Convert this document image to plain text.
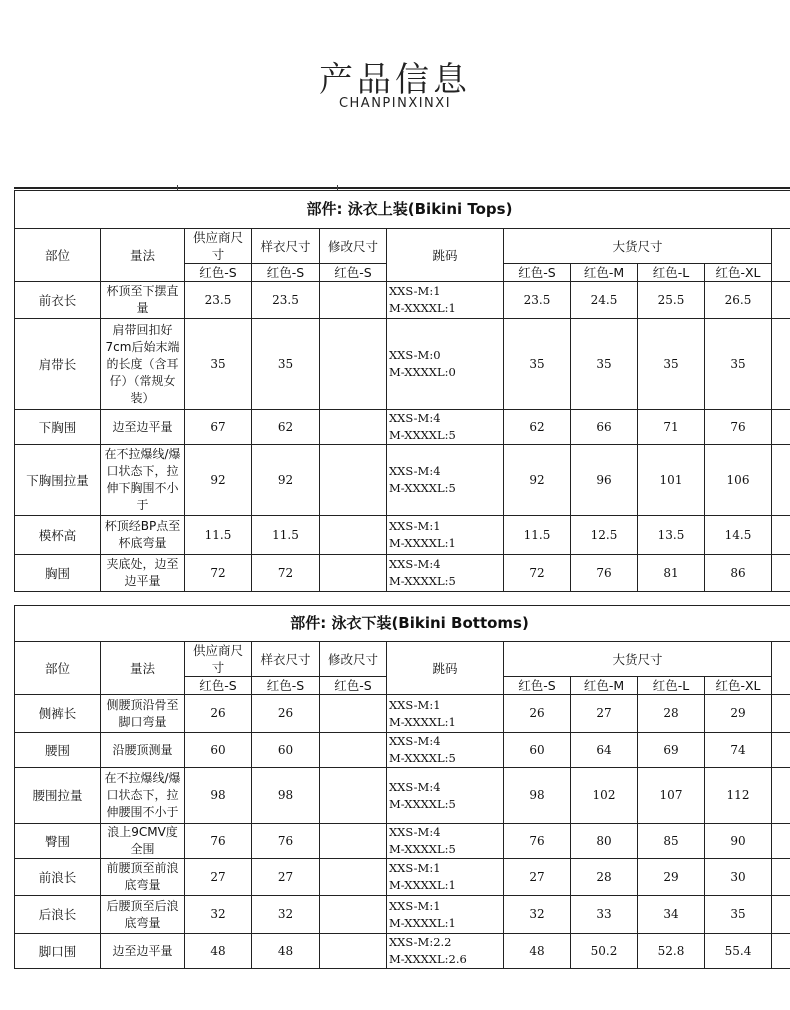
产品信息
CHANPINXINXI
部件: 泳衣上装(Bikini Tops)										
部位	量法	供应商尺寸	样衣尺寸	修改尺寸	跳码	大货尺寸				
		红色-S	红色-S	红色-S		红色-S	红色-M	红色-L	红色-XL	
前衣长	杯顶至下摆直量	23.5	23.5		XXS-M:1
M-XXXXL:1	23.5	24.5	25.5	26.5	
肩带长	肩带回扣好7cm后始末端的长度（含耳仔）（常规女装）	35	35		XXS-M:0
M-XXXXL:0	35	35	35	35	
下胸围	边至边平量	67	62		XXS-M:4
M-XXXXL:5	62	66	71	76	
下胸围拉量	在不拉爆线/爆口状态下，拉伸下胸围不小于	92	92		XXS-M:4
M-XXXXL:5	92	96	101	106	
模杯高	杯顶经BP点至杯底弯量	11.5	11.5		XXS-M:1
M-XXXXL:1	11.5	12.5	13.5	14.5	
胸围	夹底处，边至边平量	72	72		XXS-M:4
M-XXXXL:5	72	76	81	86	
部件: 泳衣下装(Bikini Bottoms)										
部位	量法	供应商尺寸	样衣尺寸	修改尺寸	跳码	大货尺寸				
		红色-S	红色-S	红色-S		红色-S	红色-M	红色-L	红色-XL	
侧裤长	侧腰顶沿骨至脚口弯量	26	26		XXS-M:1
M-XXXXL:1	26	27	28	29	
腰围	沿腰顶测量	60	60		XXS-M:4
M-XXXXL:5	60	64	69	74	
腰围拉量	在不拉爆线/爆口状态下，拉伸腰围不小于	98	98		XXS-M:4
M-XXXXL:5	98	102	107	112	
臀围	浪上9CMV度全围	76	76		XXS-M:4
M-XXXXL:5	76	80	85	90	
前浪长	前腰顶至前浪底弯量	27	27		XXS-M:1
M-XXXXL:1	27	28	29	30	
后浪长	后腰顶至后浪底弯量	32	32		XXS-M:1
M-XXXXL:1	32	33	34	35	
脚口围	边至边平量	48	48		XXS-M:2.2
M-XXXXL:2.6	48	50.2	52.8	55.4	
